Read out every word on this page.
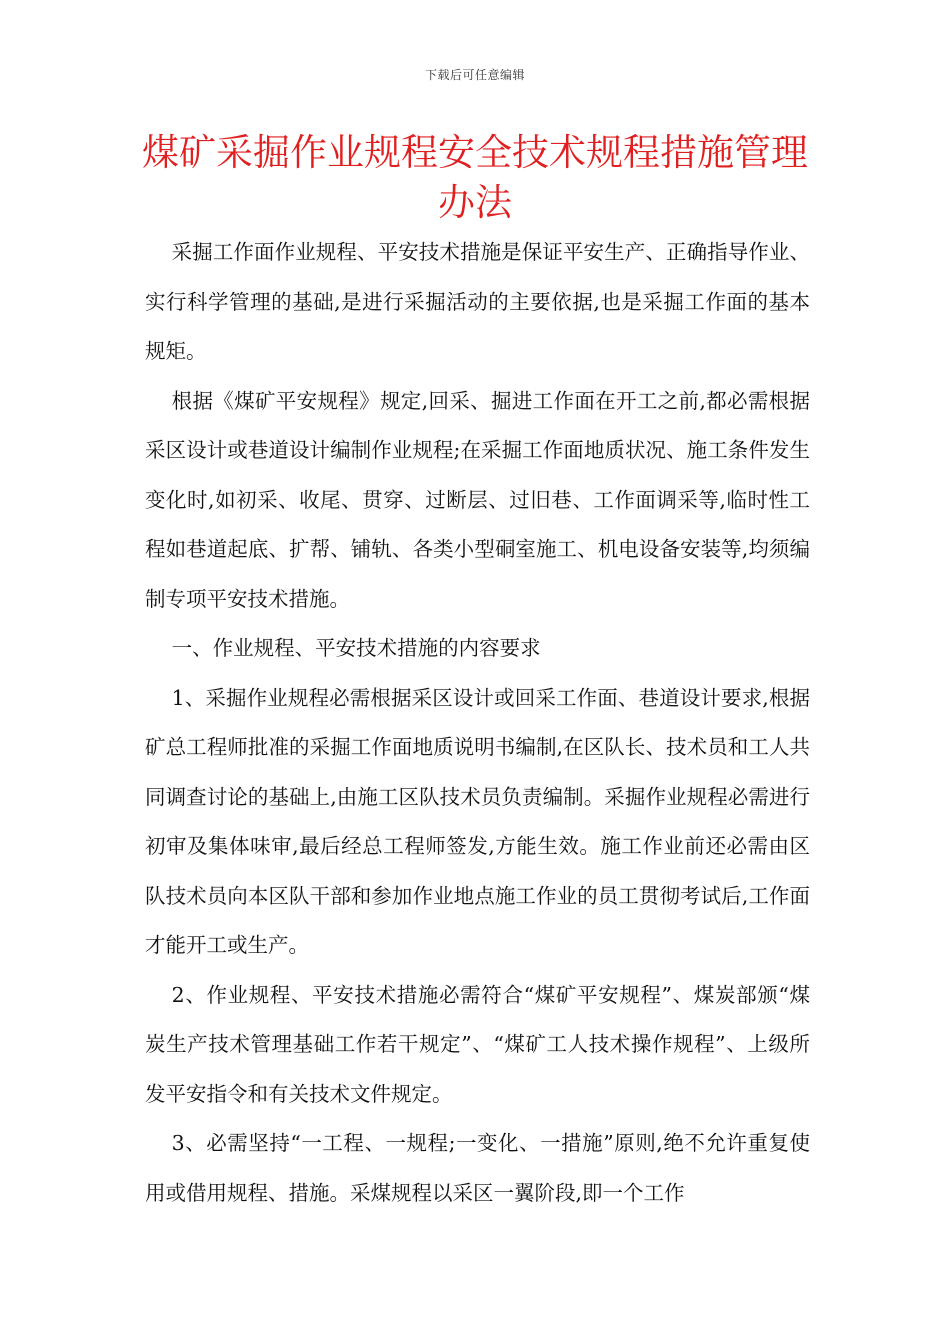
下载后可任意编辑
煤矿采掘作业规程安全技术规程措施管理办法

采掘工作面作业规程、平安技术措施是保证平安生产、正确指导作业、实行科学管理的基础,是进行采掘活动的主要依据,也是采掘工作面的基本规矩。

根据《煤矿平安规程》规定,回采、掘进工作面在开工之前,都必需根据采区设计或巷道设计编制作业规程;在采掘工作面地质状况、施工条件发生变化时,如初采、收尾、贯穿、过断层、过旧巷、工作面调采等,临时性工程如巷道起底、扩帮、铺轨、各类小型硐室施工、机电设备安装等,均须编制专项平安技术措施。

一、作业规程、平安技术措施的内容要求

1、采掘作业规程必需根据采区设计或回采工作面、巷道设计要求,根据矿总工程师批准的采掘工作面地质说明书编制,在区队长、技术员和工人共同调查讨论的基础上,由施工区队技术员负责编制。采掘作业规程必需进行初审及集体味审,最后经总工程师签发,方能生效。施工作业前还必需由区队技术员向本区队干部和参加作业地点施工作业的员工贯彻考试后,工作面才能开工或生产。

2、作业规程、平安技术措施必需符合“煤矿平安规程”、煤炭部颁“煤炭生产技术管理基础工作若干规定”、“煤矿工人技术操作规程”、上级所发平安指令和有关技术文件规定。

3、必需坚持“一工程、一规程;一变化、一措施”原则,绝不允许重复使用或借用规程、措施。采煤规程以采区一翼阶段,即一个工作
